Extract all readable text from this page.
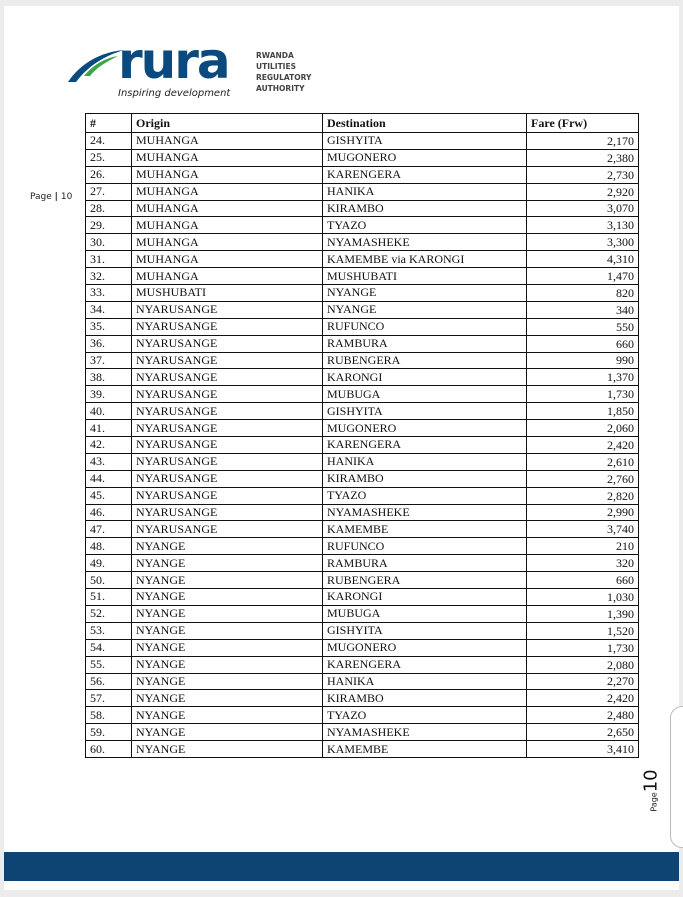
rura	RWANDA
UTILITIES
REGULATORY
AUTHORITY
Inspiring development
Page | 10
#	Origin	Destination	Fare (Frw)
24.	MUHANGA	GISHYITA	2,170
25.	MUHANGA	MUGONERO	2,380
26.	MUHANGA	KARENGERA	2,730
27.	MUHANGA	HANIKA	2,920
28.	MUHANGA	KIRAMBO	3,070
29.	MUHANGA	TYAZO	3,130
30.	MUHANGA	NYAMASHEKE	3,300
31.	MUHANGA	KAMEMBE via KARONGI	4,310
32.	MUHANGA	MUSHUBATI	1,470
33.	MUSHUBATI	NYANGE	820
34.	NYARUSANGE	NYANGE	340
35.	NYARUSANGE	RUFUNCO	550
36.	NYARUSANGE	RAMBURA	660
37.	NYARUSANGE	RUBENGERA	990
38.	NYARUSANGE	KARONGI	1,370
39.	NYARUSANGE	MUBUGA	1,730
40.	NYARUSANGE	GISHYITA	1,850
41.	NYARUSANGE	MUGONERO	2,060
42.	NYARUSANGE	KARENGERA	2,420
43.	NYARUSANGE	HANIKA	2,610
44.	NYARUSANGE	KIRAMBO	2,760
45.	NYARUSANGE	TYAZO	2,820
46.	NYARUSANGE	NYAMASHEKE	2,990
47.	NYARUSANGE	KAMEMBE	3,740
48.	NYANGE	RUFUNCO	210
49.	NYANGE	RAMBURA	320
50.	NYANGE	RUBENGERA	660
51.	NYANGE	KARONGI	1,030
52.	NYANGE	MUBUGA	1,390
53.	NYANGE	GISHYITA	1,520
54.	NYANGE	MUGONERO	1,730
55.	NYANGE	KARENGERA	2,080
56.	NYANGE	HANIKA	2,270
57.	NYANGE	KIRAMBO	2,420
58.	NYANGE	TYAZO	2,480
59.	NYANGE	NYAMASHEKE	2,650
60.	NYANGE	KAMEMBE	3,410
Page10
